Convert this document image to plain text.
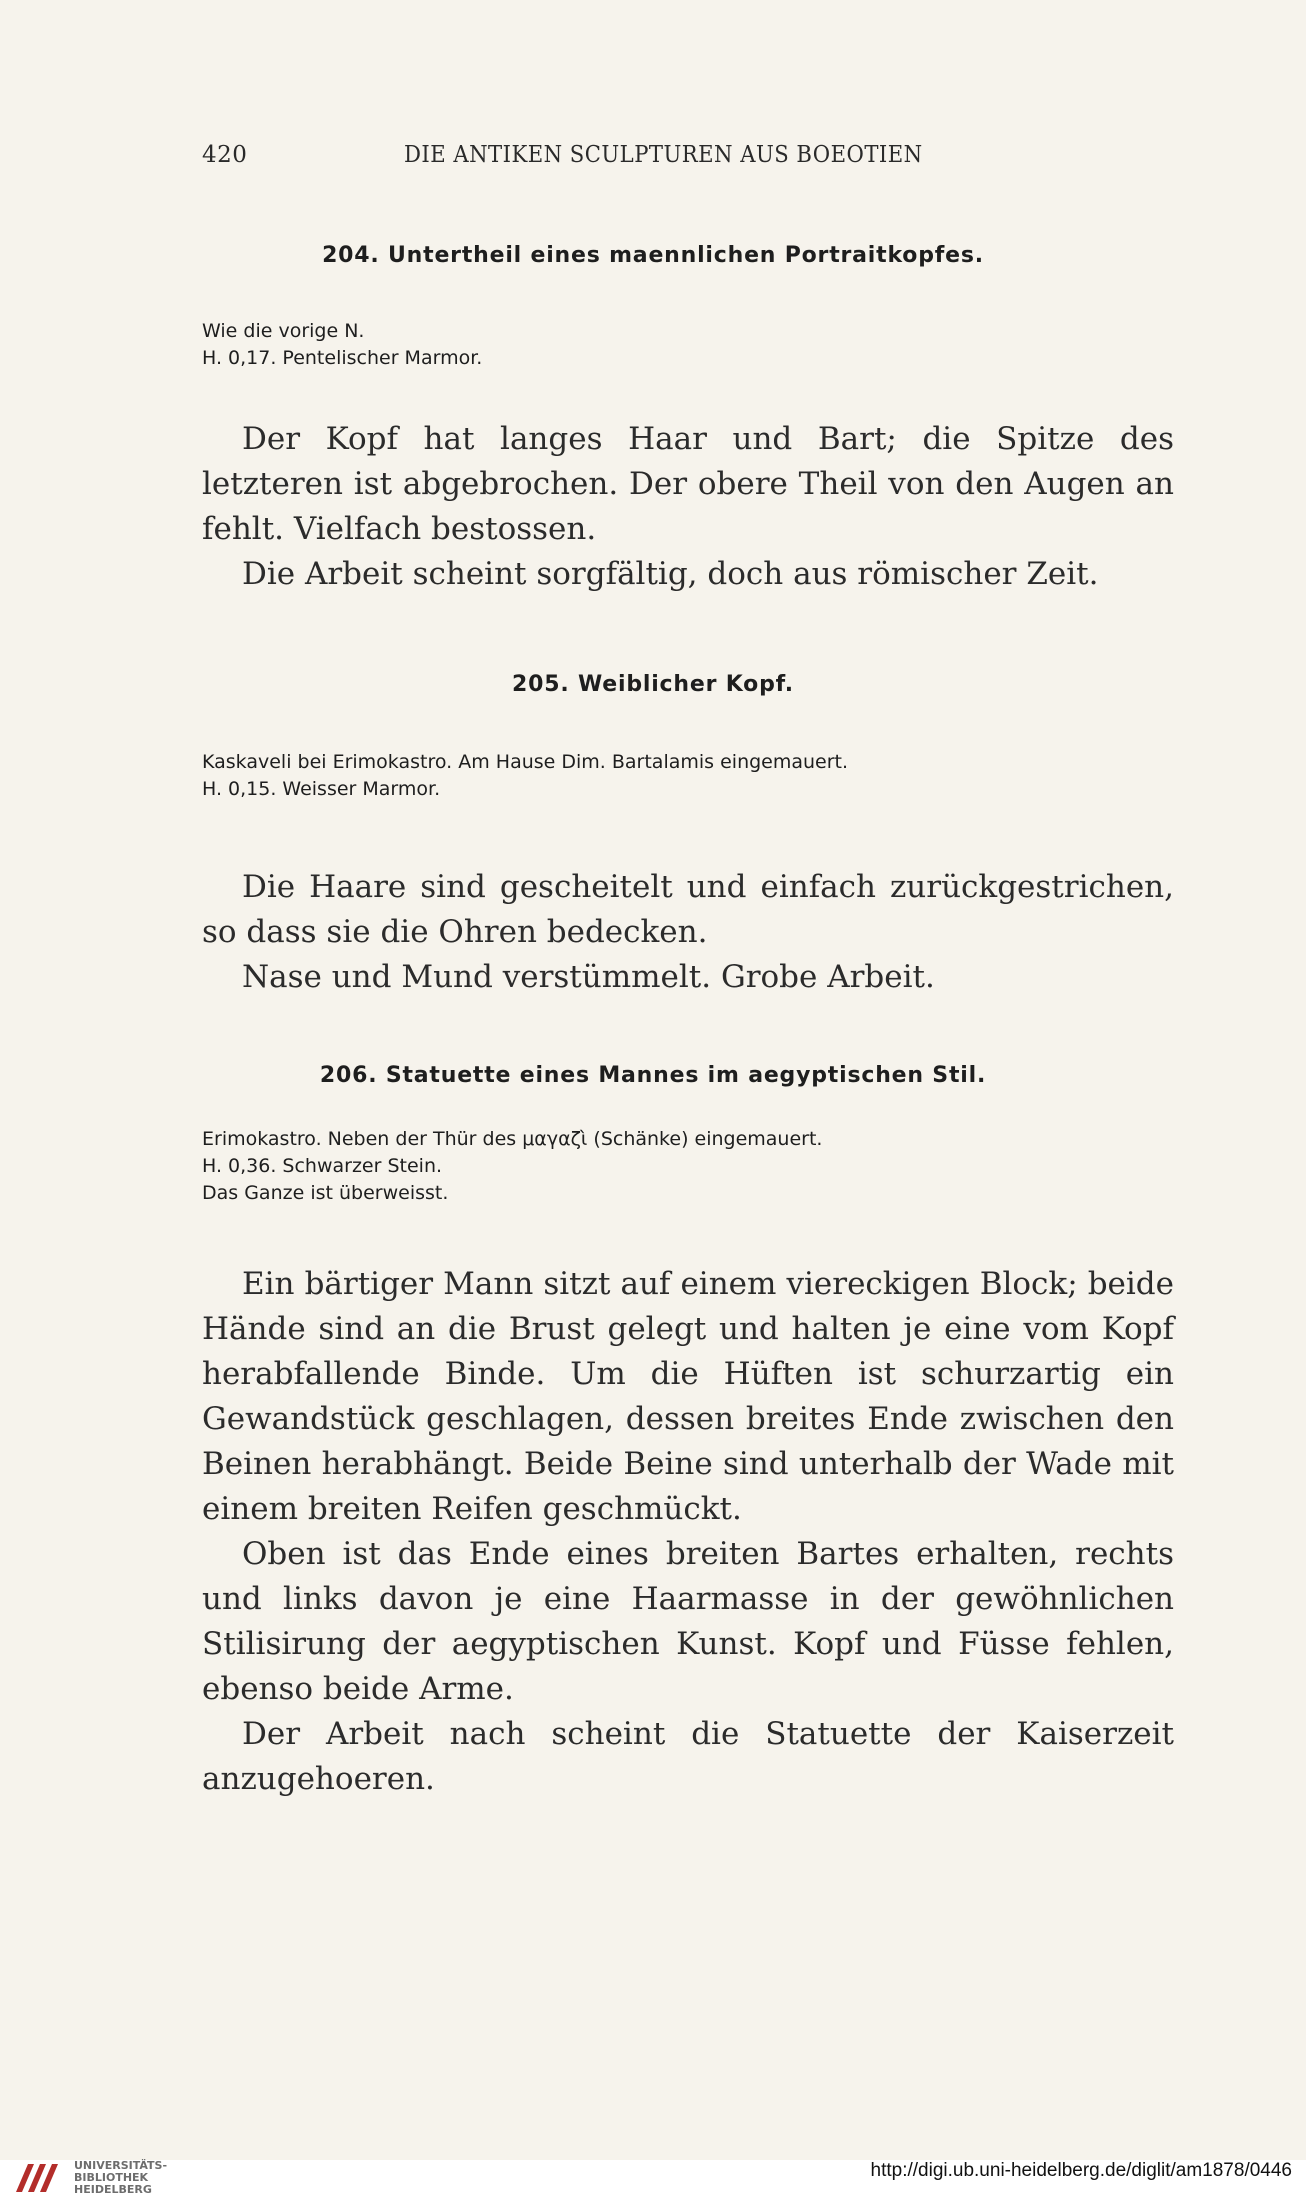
420	DIE ANTIKEN SCULPTUREN AUS BOEOTIEN
204. Untertheil eines maennlichen Portraitkopfes.
Wie die vorige N.
H. 0,17. Pentelischer Marmor.

Der Kopf hat langes Haar und Bart; die Spitze des letzteren ist abgebrochen. Der obere Theil von den Augen an fehlt. Vielfach bestossen.

Die Arbeit scheint sorgfältig, doch aus römischer Zeit.

205. Weiblicher Kopf.
Kaskaveli bei Erimokastro. Am Hause Dim. Bartalamis eingemauert.
H. 0,15. Weisser Marmor.

Die Haare sind gescheitelt und einfach zurückgestrichen, so dass sie die Ohren bedecken.

Nase und Mund verstümmelt. Grobe Arbeit.

206. Statuette eines Mannes im aegyptischen Stil.
Erimokastro. Neben der Thür des μαγαζὶ (Schänke) eingemauert.
H. 0,36. Schwarzer Stein.
Das Ganze ist überweisst.

Ein bärtiger Mann sitzt auf einem viereckigen Block; beide Hände sind an die Brust gelegt und halten je eine vom Kopf herabfallende Binde. Um die Hüften ist schurzartig ein Gewandstück geschlagen, dessen breites Ende zwischen den Beinen herabhängt. Beide Beine sind unterhalb der Wade mit einem breiten Reifen geschmückt.

Oben ist das Ende eines breiten Bartes erhalten, rechts und links davon je eine Haarmasse in der gewöhnlichen Stilisirung der aegyptischen Kunst. Kopf und Füsse fehlen, ebenso beide Arme.

Der Arbeit nach scheint die Statuette der Kaiserzeit anzugehoeren.

UNIVERSITÄTS-
BIBLIOTHEK
HEIDELBERG
http://digi.ub.uni-heidelberg.de/diglit/am1878/0446
